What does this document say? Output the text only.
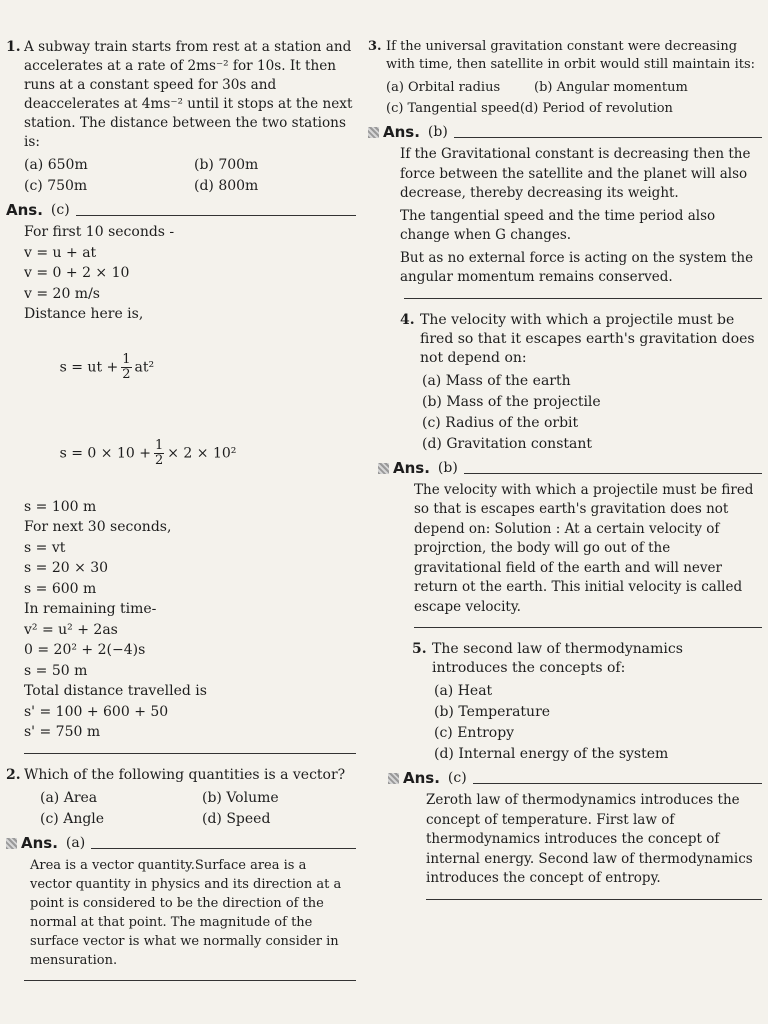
1. A subway train starts from rest at a station and accelerates at a rate of 2ms⁻² for 10s. It then runs at a constant speed for 30s and deaccelerates at 4ms⁻² until it stops at the next station. The distance between the two stations is:
(a) 650m	(b) 700m
(c) 750m	(d) 800m
Ans. (c)
For first 10 seconds -
v = u + at
v = 0 + 2 × 10
v = 20 m/s
Distance here is,

s = ut + $\frac{1}{2} at^2$

$s = 0 \times 10 + \frac{1}{2} \times 2 \times 10^2$

s = 100 m
For next 30 seconds,
s = vt
s = 20 × 30
s = 600 m
In remaining time-
v² = u² + 2as
0 = 20² + 2(−4)s
s = 50 m
Total distance travelled is
s' = 100 + 600 + 50
s' = 750 m
2. Which of the following quantities is a vector?
(a) Area	(b) Volume
(c) Angle	(d) Speed
Ans. (a)
Area is a vector quantity.Surface area is a vector quantity in physics and its direction at a point is considered to be the direction of the normal at that point. The magnitude of the surface vector is what we normally consider in mensuration.
3. If the universal gravitation constant were decreasing with time, then satellite in orbit would still maintain its:
(a) Orbital radius	(b) Angular momentum
(c) Tangential speed(d) Period of revolution
Ans. (b)
If the Gravitational constant is decreasing then the force between the satellite and the planet will also decrease, thereby decreasing its weight.
The tangential speed and the time period also change when G changes.
But as no external force is acting on the system the angular momentum remains conserved.
4. The velocity with which a projectile must be fired so that it escapes earth's gravitation does not depend on:
(a) Mass of the earth
(b) Mass of the projectile
(c) Radius of the orbit
(d) Gravitation constant
Ans. (b)
The velocity with which a projectile must be fired so that is escapes earth's gravitation does not depend on: Solution : At a certain velocity of projrction, the body will go out of the gravitational field of the earth and will never return ot the earth. This initial velocity is called escape velocity.
5. The second law of thermodynamics introduces the concepts of:
(a) Heat
(b) Temperature
(c) Entropy
(d) Internal energy of the system
Ans. (c)
Zeroth law of thermodynamics introduces the concept of temperature. First law of thermodynamics introduces the concept of internal energy. Second law of thermodynamics introduces the concept of entropy.
